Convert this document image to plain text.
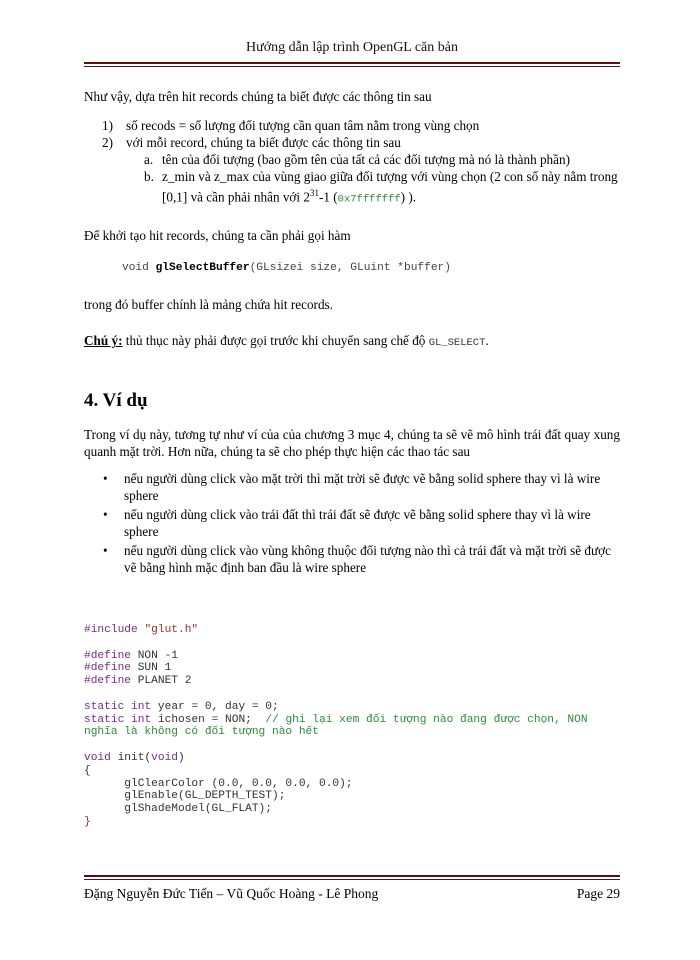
Hướng dẫn lập trình OpenGL căn bản

Như vậy, dựa trên hit records chúng ta biết được các thông tin sau

1) số recods = số lượng đối tượng cần quan tâm nằm trong vùng chọn
2) với mỗi record, chúng ta biết được các thông tin sau
a. tên của đối tượng (bao gồm tên của tất cả các đối tượng mà nó là thành phần)
b. z_min và z_max của vùng giao giữa đối tượng với vùng chọn (2 con số này nằm trong [0,1] và cần phải nhân với $2^{31}-1$ (0x7fffffff) ).

Để khởi tạo hit records, chúng ta cần phải gọi hàm

void glSelectBuffer(GLsizei size, GLuint *buffer)

trong đó buffer chính là mảng chứa hit records.

Chú ý: thủ thục này phải được gọi trước khi chuyển sang chế độ GL_SELECT.

4. Ví dụ

Trong ví dụ này, tương tự như ví của của chương 3 mục 4, chúng ta sẽ vẽ mô hình trái đất quay xung quanh mặt trời. Hơn nữa, chúng ta sẽ cho phép thực hiện các thao tác sau

• nếu người dùng click vào mặt trời thì mặt trời sẽ được vẽ bằng solid sphere thay vì là wire sphere
• nếu người dùng click vào trái đất thì trái đất sẽ được vẽ bằng solid sphere thay vì là wire sphere
• nếu người dùng click vào vùng không thuộc đối tượng nào thì cả trái đất và mặt trời sẽ được vẽ bằng hình mặc định ban đầu là wire sphere
#include "glut.h"

#define NON -1
#define SUN 1
#define PLANET 2

static int year = 0, day = 0;
static int ichosen = NON;  // ghi lại xem đối tượng nào đang được chọn, NON
nghĩa là không có đối tượng nào hết

void init(void)
{
glClearColor (0.0, 0.0, 0.0, 0.0);
glEnable(GL_DEPTH_TEST);
glShadeModel(GL_FLAT);
}
Đặng Nguyễn Đức Tiến – Vũ Quốc Hoàng - Lê Phong	Page 29
